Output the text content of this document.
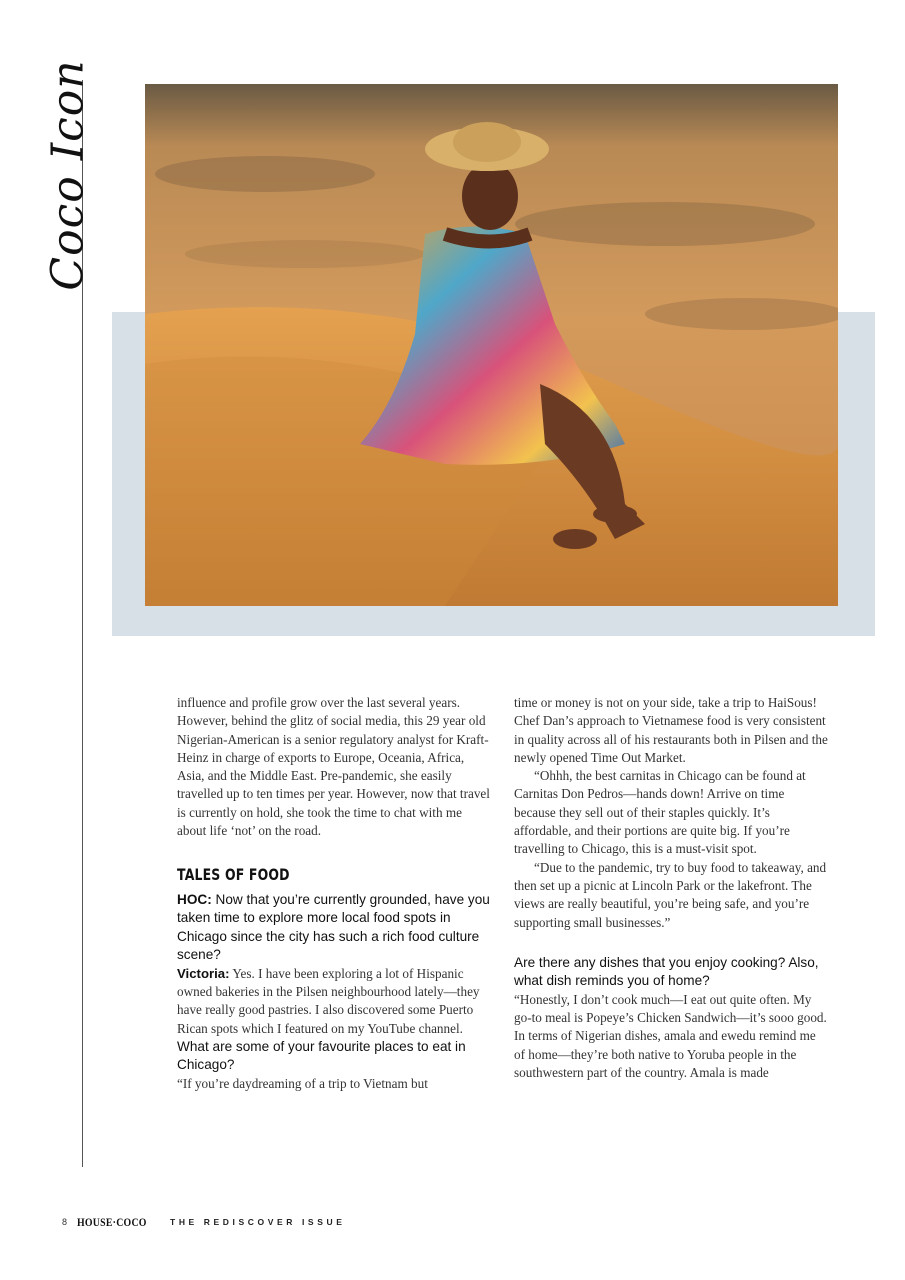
Coco Icon

influence and profile grow over the last several years. However, behind the glitz of social media, this 29 year old Nigerian-American is a senior regulatory analyst for Kraft-Heinz in charge of exports to Europe, Oceania, Africa, Asia, and the Middle East. Pre-pandemic, she easily travelled up to ten times per year. However, now that travel is currently on hold, she took the time to chat with me about life ‘not’ on the road.

TALES OF FOOD

HOC: Now that you’re currently grounded, have you taken time to explore more local food spots in Chicago since the city has such a rich food culture scene?

Victoria: Yes. I have been exploring a lot of Hispanic owned bakeries in the Pilsen neighbourhood lately—they have really good pastries. I also discovered some Puerto Rican spots which I featured on my YouTube channel.

What are some of your favourite places to eat in Chicago?

“If you’re daydreaming of a trip to Vietnam but

time or money is not on your side, take a trip to HaiSous! Chef Dan’s approach to Vietnamese food is very consistent in quality across all of his restaurants both in Pilsen and the newly opened Time Out Market.

“Ohhh, the best carnitas in Chicago can be found at Carnitas Don Pedros—hands down! Arrive on time because they sell out of their staples quickly. It’s affordable, and their portions are quite big. If you’re travelling to Chicago, this is a must-visit spot.

“Due to the pandemic, try to buy food to takeaway, and then set up a picnic at Lincoln Park or the lakefront. The views are really beautiful, you’re being safe, and you’re supporting small businesses.”

Are there any dishes that you enjoy cooking? Also, what dish reminds you of home?

“Honestly, I don’t cook much—I eat out quite often. My go-to meal is Popeye’s Chicken Sandwich—it’s sooo good. In terms of Nigerian dishes, amala and ewedu remind me of home—they’re both native to Yoruba people in the southwestern part of the country. Amala is made

8 HOUSE·COCO	THE REDISCOVER ISSUE
